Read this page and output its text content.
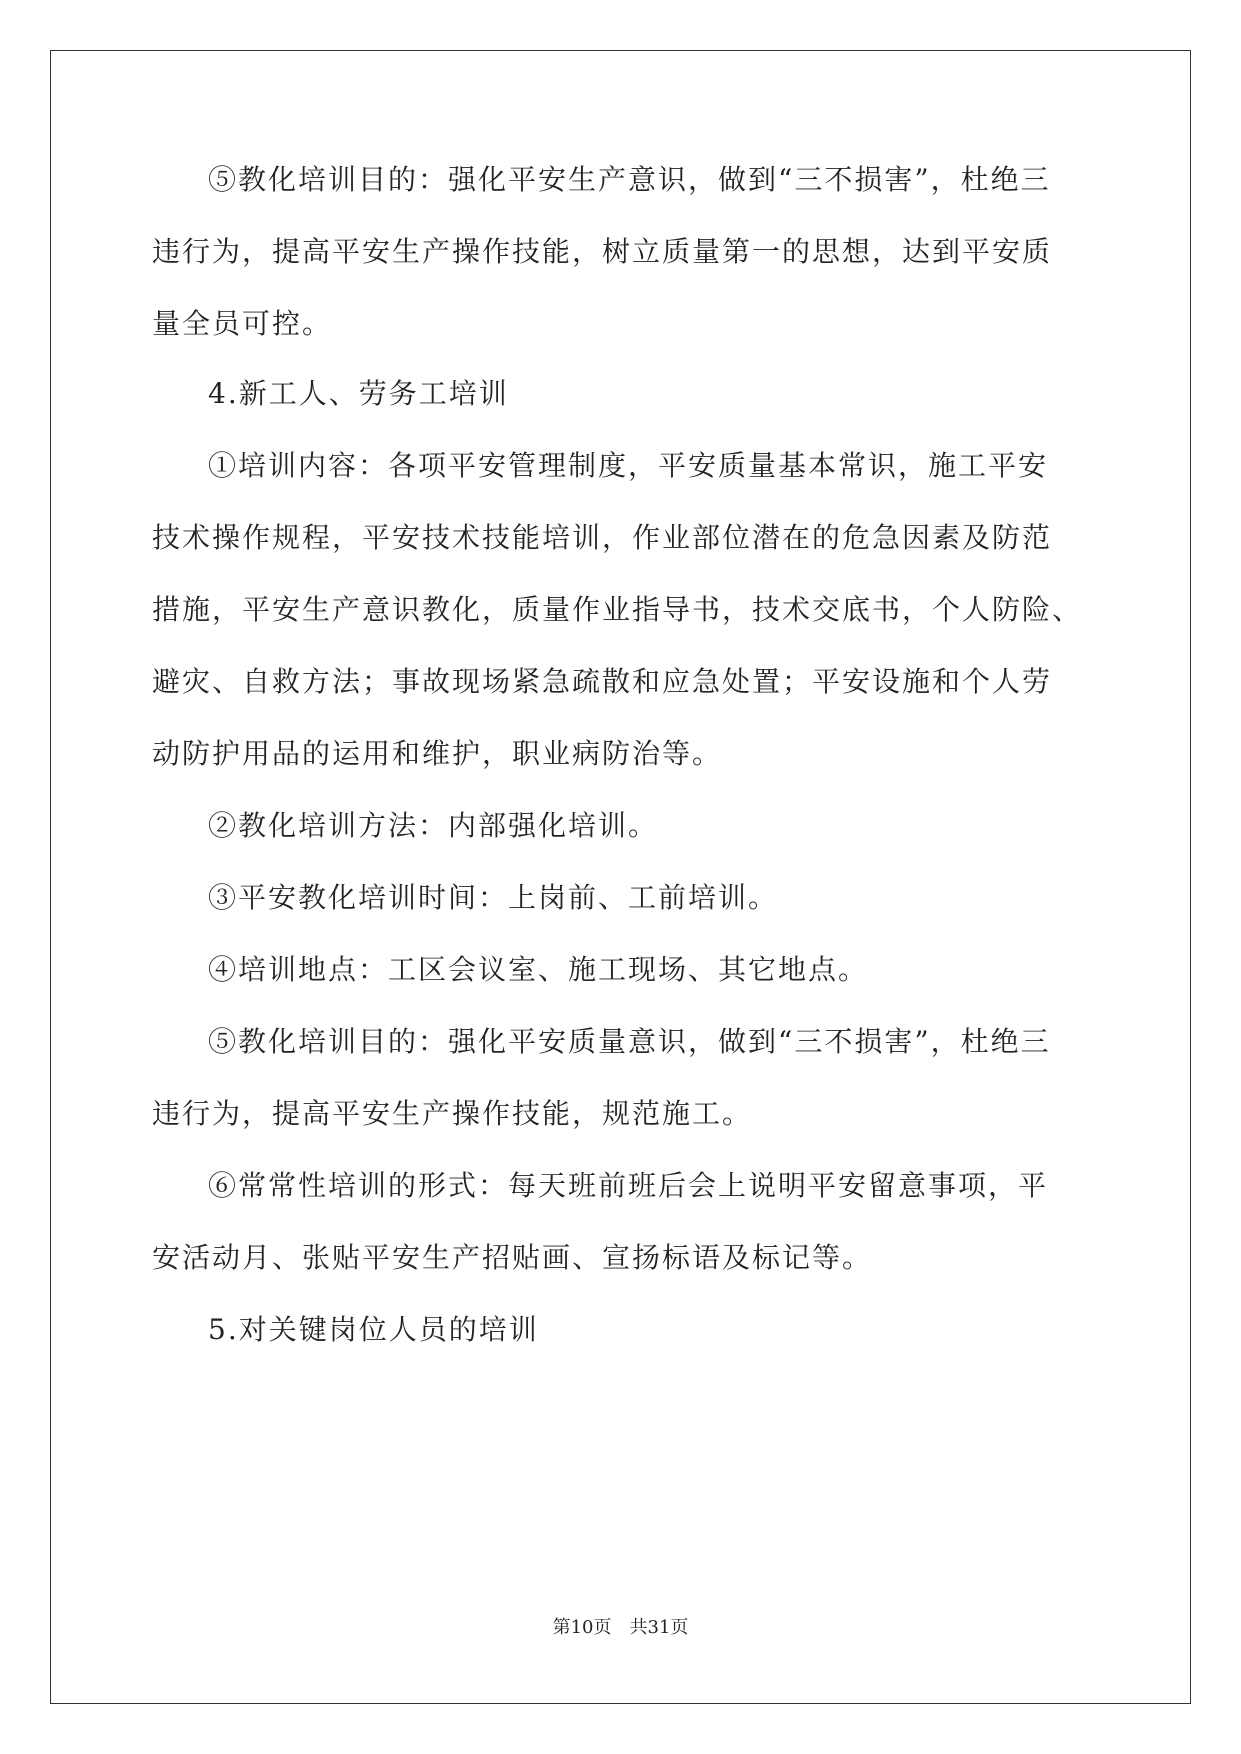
⑤教化培训目的：强化平安生产意识，做到“三不损害”，杜绝三
违行为，提高平安生产操作技能，树立质量第一的思想，达到平安质
量全员可控。
4.新工人、劳务工培训
①培训内容：各项平安管理制度，平安质量基本常识，施工平安
技术操作规程，平安技术技能培训，作业部位潜在的危急因素及防范
措施，平安生产意识教化，质量作业指导书，技术交底书，个人防险、
避灾、自救方法；事故现场紧急疏散和应急处置；平安设施和个人劳
动防护用品的运用和维护，职业病防治等。
②教化培训方法：内部强化培训。
③平安教化培训时间：上岗前、工前培训。
④培训地点：工区会议室、施工现场、其它地点。
⑤教化培训目的：强化平安质量意识，做到“三不损害”，杜绝三
违行为，提高平安生产操作技能，规范施工。
⑥常常性培训的形式：每天班前班后会上说明平安留意事项，平
安活动月、张贴平安生产招贴画、宣扬标语及标记等。
5.对关键岗位人员的培训
第10页　共31页
